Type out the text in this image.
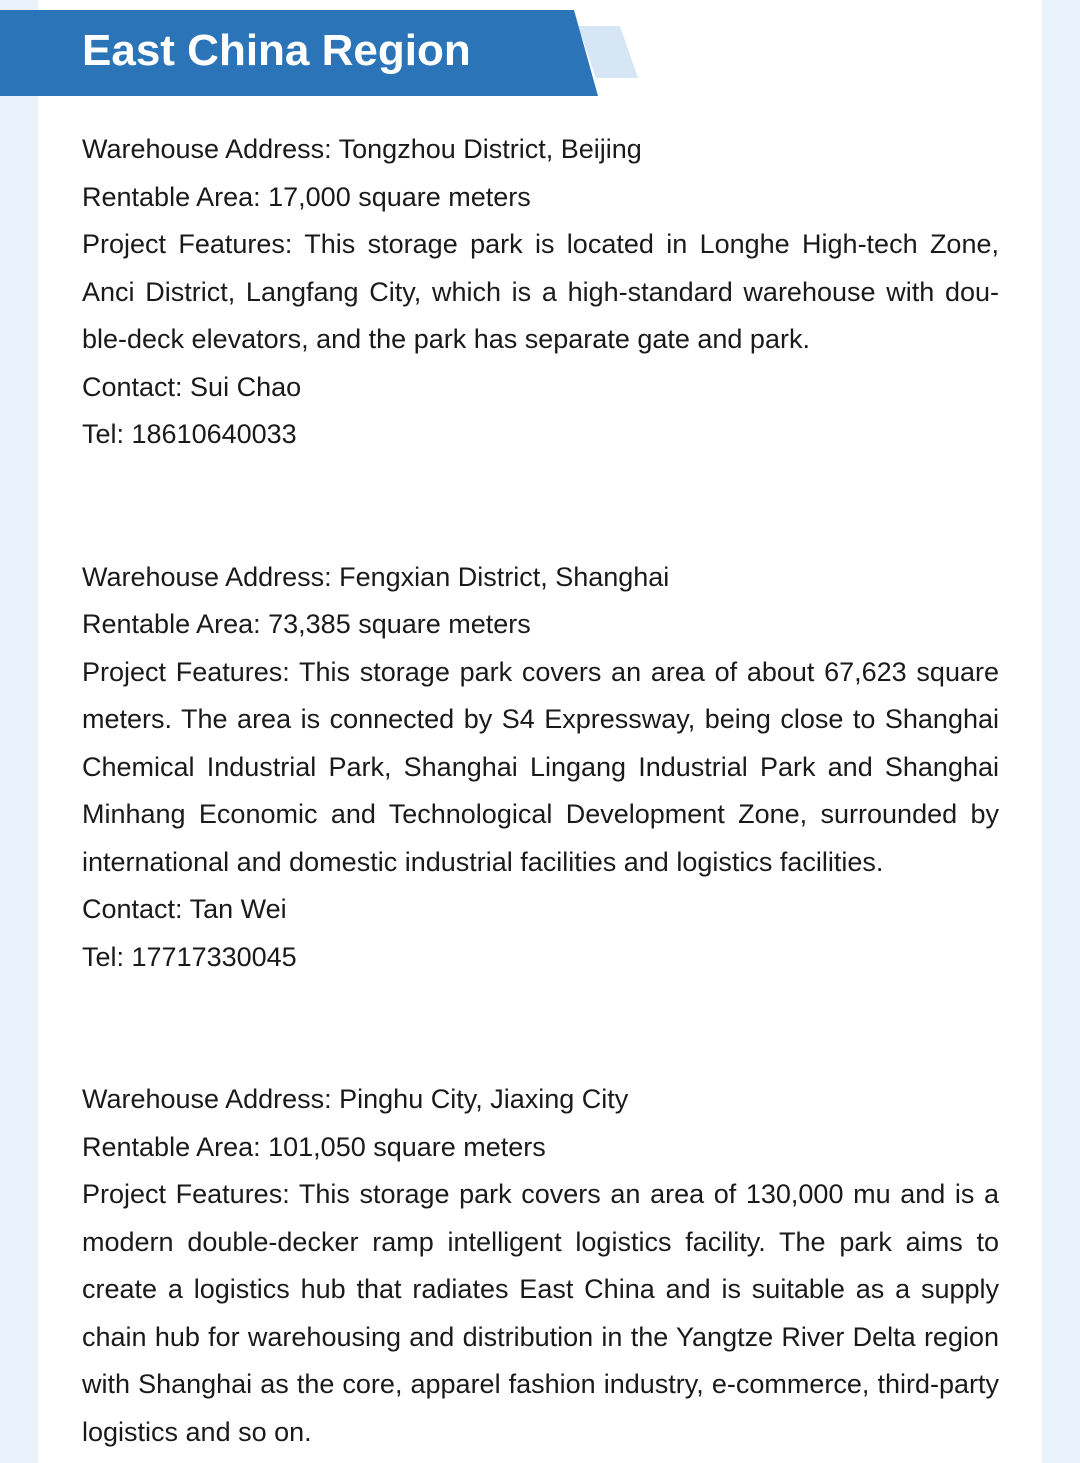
East China Region
Warehouse Address: Tongzhou District, Beijing
Rentable Area: 17,000 square meters
Project Features: This storage park is located in Longhe High-tech Zone, Anci District, Langfang City, which is a high-standard warehouse with double-deck elevators, and the park has separate gate and park.
Contact: Sui Chao
Tel: 18610640033
Warehouse Address: Fengxian District, Shanghai
Rentable Area: 73,385 square meters
Project Features: This storage park covers an area of about 67,623 square meters. The area is connected by S4 Expressway, being close to Shanghai Chemical Industrial Park, Shanghai Lingang Industrial Park and Shanghai Minhang Economic and Technological Development Zone, surrounded by international and domestic industrial facilities and logistics facilities.
Contact: Tan Wei
Tel: 17717330045
Warehouse Address: Pinghu City, Jiaxing City
Rentable Area: 101,050 square meters
Project Features: This storage park covers an area of 130,000 mu and is a modern double-decker ramp intelligent logistics facility. The park aims to create a logistics hub that radiates East China and is suitable as a supply chain hub for warehousing and distribution in the Yangtze River Delta region with Shanghai as the core, apparel fashion industry, e-commerce, third-party logistics and so on.
